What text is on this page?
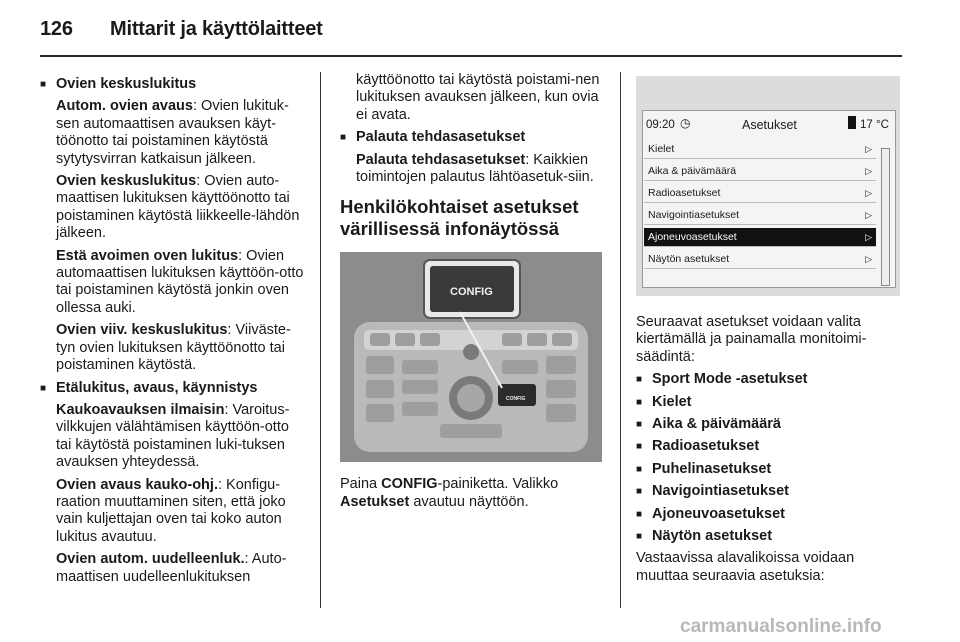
126 Mittarit ja käyttölaitteet
■ Ovien keskuslukitus
Autom. ovien avaus: Ovien lukituk-sen automaattisen avauksen käyt-töönotto tai poistaminen käytöstä sytytysvirran katkaisun jälkeen.
Ovien keskuslukitus: Ovien auto-maattisen lukituksen käyttöönotto tai poistaminen käytöstä liikkeelle-lähdön jälkeen.
Estä avoimen oven lukitus: Ovien automaattisen lukituksen käyttöön-otto tai poistaminen käytöstä jonkin oven ollessa auki.
Ovien viiv. keskuslukitus: Viiväste-tyn ovien lukituksen käyttöönotto tai poistaminen käytöstä.
■ Etälukitus, avaus, käynnistys
Kaukoavauksen ilmaisin: Varoitus-vilkkujen välähtämisen käyttöön-otto tai käytöstä poistaminen luki-tuksen avauksen yhteydessä.
Ovien avaus kauko-ohj.: Konfigu-raation muuttaminen siten, että joko vain kuljettajan oven tai koko auton lukitus avautuu.
Ovien autom. uudelleenluk.: Auto-maattisen uudelleenlukituksen
käyttöönotto tai käytöstä poistami-nen lukituksen avauksen jälkeen, kun ovia ei avata.
■ Palauta tehdasasetukset
Palauta tehdasasetukset: Kaikkien toimintojen palautus lähtöasetuk-siin.
Henkilökohtaiset asetukset värillisessä infonäytössä
CONFIG
CONFIG
Paina CONFIG-painiketta. Valikko Asetukset avautuu näyttöön.
09:20 ◷	Asetukset	17 °C
Kielet	▷
Aika & päivämäärä	▷
Radioasetukset	▷
Navigointiasetukset	▷
Ajoneuvoasetukset	▷
Näytön asetukset	▷
Seuraavat asetukset voidaan valita kiertämällä ja painamalla monitoimi-säädintä:
■ Sport Mode -asetukset
■ Kielet
■ Aika & päivämäärä
■ Radioasetukset
■ Puhelinasetukset
■ Navigointiasetukset
■ Ajoneuvoasetukset
■ Näytön asetukset
Vastaavissa alavalikoissa voidaan muuttaa seuraavia asetuksia:
carmanualsonline.info
